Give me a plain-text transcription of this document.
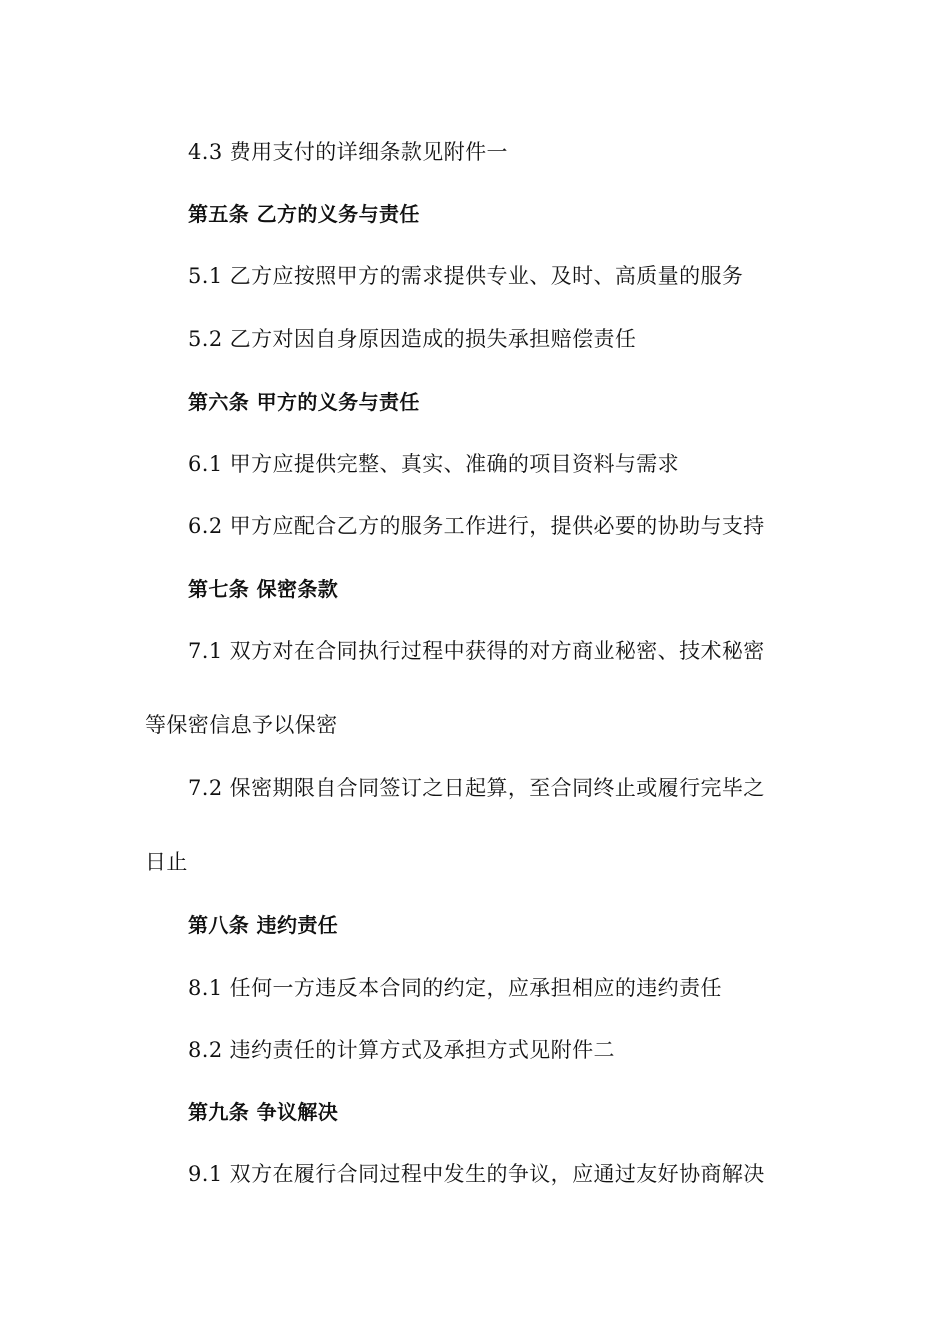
4.3 费用支付的详细条款见附件一
第五条 乙方的义务与责任
5.1 乙方应按照甲方的需求提供专业、及时、高质量的服务
5.2 乙方对因自身原因造成的损失承担赔偿责任
第六条 甲方的义务与责任
6.1 甲方应提供完整、真实、准确的项目资料与需求
6.2 甲方应配合乙方的服务工作进行，提供必要的协助与支持
第七条 保密条款
7.1 双方对在合同执行过程中获得的对方商业秘密、技术秘密
等保密信息予以保密
7.2 保密期限自合同签订之日起算，至合同终止或履行完毕之
日止
第八条 违约责任
8.1 任何一方违反本合同的约定，应承担相应的违约责任
8.2 违约责任的计算方式及承担方式见附件二
第九条 争议解决
9.1 双方在履行合同过程中发生的争议，应通过友好协商解决
